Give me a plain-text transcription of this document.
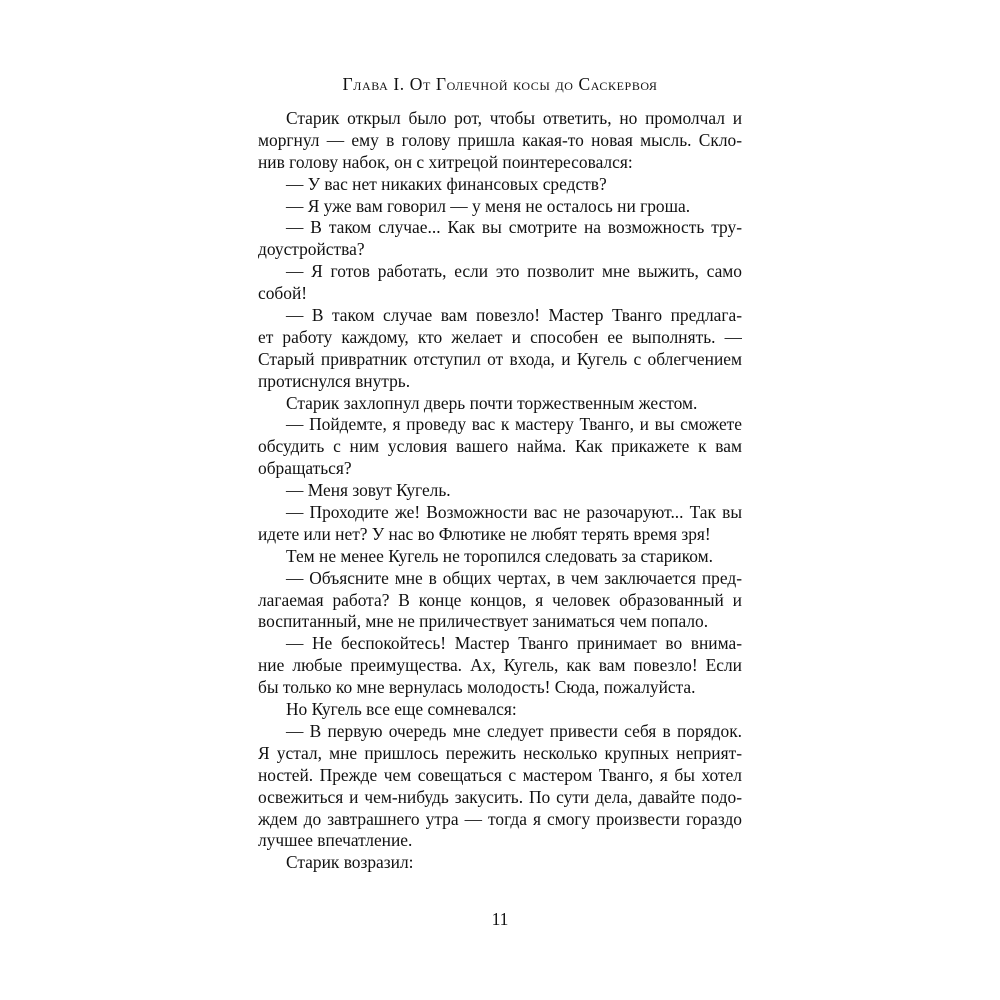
Глава I. От Голечной косы до Саскервоя
Старик открыл было рот, чтобы ответить, но промолчал и
моргнул — ему в голову пришла какая-то новая мысль. Скло-
нив голову набок, он с хитрецой поинтересовался:
— У вас нет никаких финансовых средств?
— Я уже вам говорил — у меня не осталось ни гроша.
— В таком случае... Как вы смотрите на возможность тру-
доустройства?
— Я готов работать, если это позволит мне выжить, само
собой!
— В таком случае вам повезло! Мастер Тванго предлага-
ет работу каждому, кто желает и способен ее выполнять. —
Старый привратник отступил от входа, и Кугель с облегчением
протиснулся внутрь.
Старик захлопнул дверь почти торжественным жестом.
— Пойдемте, я проведу вас к мастеру Тванго, и вы сможете
обсудить с ним условия вашего найма. Как прикажете к вам
обращаться?
— Меня зовут Кугель.
— Проходите же! Возможности вас не разочаруют... Так вы
идете или нет? У нас во Флютике не любят терять время зря!
Тем не менее Кугель не торопился следовать за стариком.
— Объясните мне в общих чертах, в чем заключается пред-
лагаемая работа? В конце концов, я человек образованный и
воспитанный, мне не приличествует заниматься чем попало.
— Не беспокойтесь! Мастер Тванго принимает во внима-
ние любые преимущества. Ах, Кугель, как вам повезло! Если
бы только ко мне вернулась молодость! Сюда, пожалуйста.
Но Кугель все еще сомневался:
— В первую очередь мне следует привести себя в порядок.
Я устал, мне пришлось пережить несколько крупных неприят-
ностей. Прежде чем совещаться с мастером Тванго, я бы хотел
освежиться и чем-нибудь закусить. По сути дела, давайте подо-
ждем до завтрашнего утра — тогда я смогу произвести гораздо
лучшее впечатление.
Старик возразил:
11
